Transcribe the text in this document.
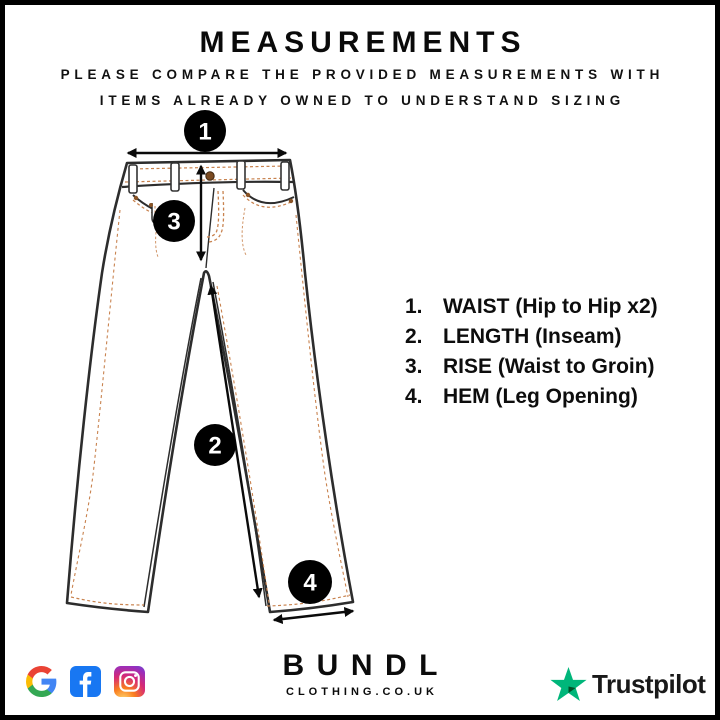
MEASUREMENTS

PLEASE COMPARE THE PROVIDED MEASUREMENTS WITH

ITEMS ALREADY OWNED TO UNDERSTAND SIZING

1
3
2
4
1. WAIST (Hip to Hip x2)
2. LENGTH (Inseam)
3. RISE (Waist to Groin)
4. HEM (Leg Opening)
BUNDL
CLOTHING.CO.UK	Trustpilot
